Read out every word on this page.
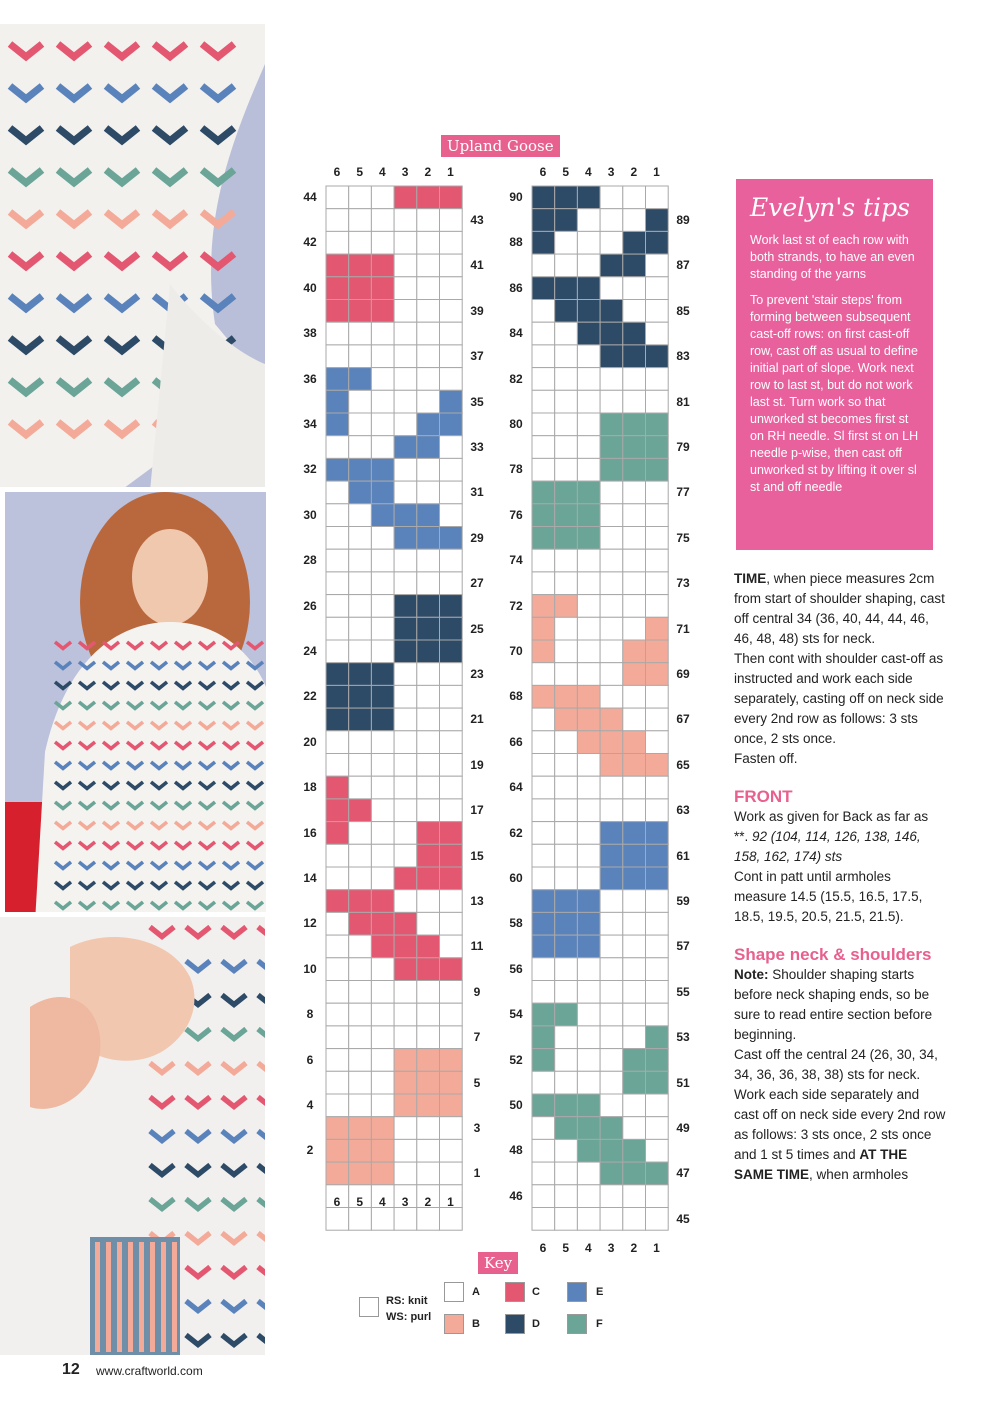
Upland Goose
6
6
6
6
5
5
5
5
4
4
4
4
3
3
3
3
2
2
2
2
1
1
1
1
44
42
40
38
36
34
32
30
28
26
24
22
20
18
16
14
12
10
8
6
4
2
43
41
39
37
35
33
31
29
27
25
23
21
19
17
15
13
11
9
7
5
3
1
90
88
86
84
82
80
78
76
74
72
70
68
66
64
62
60
58
56
54
52
50
48
46
89
87
85
83
81
79
77
75
73
71
69
67
65
63
61
59
57
55
53
51
49
47
45
Key
RS: knit
WS: purl
A
B
C
D
E
F
Evelyn's tips

Work last st of each row with both strands, to have an even standing of the yarns

To prevent 'stair steps' from forming between subsequent cast-off rows: on first cast-off row, cast off as usual to define initial part of slope. Work next row to last st, but do not work last st. Turn work so that unworked st becomes first st on RH needle. Sl first st on LH needle p-wise, then cast off unworked st by lifting it over sl st and off needle

TIME, when piece measures 2cm from start of shoulder shaping, cast off central 34 (36, 40, 44, 44, 46, 46, 48, 48) sts for neck.

Then cont with shoulder cast-off as instructed and work each side separately, casting off on neck side every 2nd row as follows: 3 sts once, 2 sts once.

Fasten off.

FRONT

Work as given for Back as far as **. 92 (104, 114, 126, 138, 146, 158, 162, 174) sts

Cont in patt until armholes measure 14.5 (15.5, 16.5, 17.5, 18.5, 19.5, 20.5, 21.5, 21.5).

Shape neck & shoulders

Note: Shoulder shaping starts before neck shaping ends, so be sure to read entire section before beginning.

Cast off the central 24 (26, 30, 34, 34, 36, 36, 38, 38) sts for neck.

Work each side separately and cast off on neck side every 2nd row as follows: 3 sts once, 2 sts once and 1 st 5 times and AT THE SAME TIME, when armholes

12 www.craftworld.com
